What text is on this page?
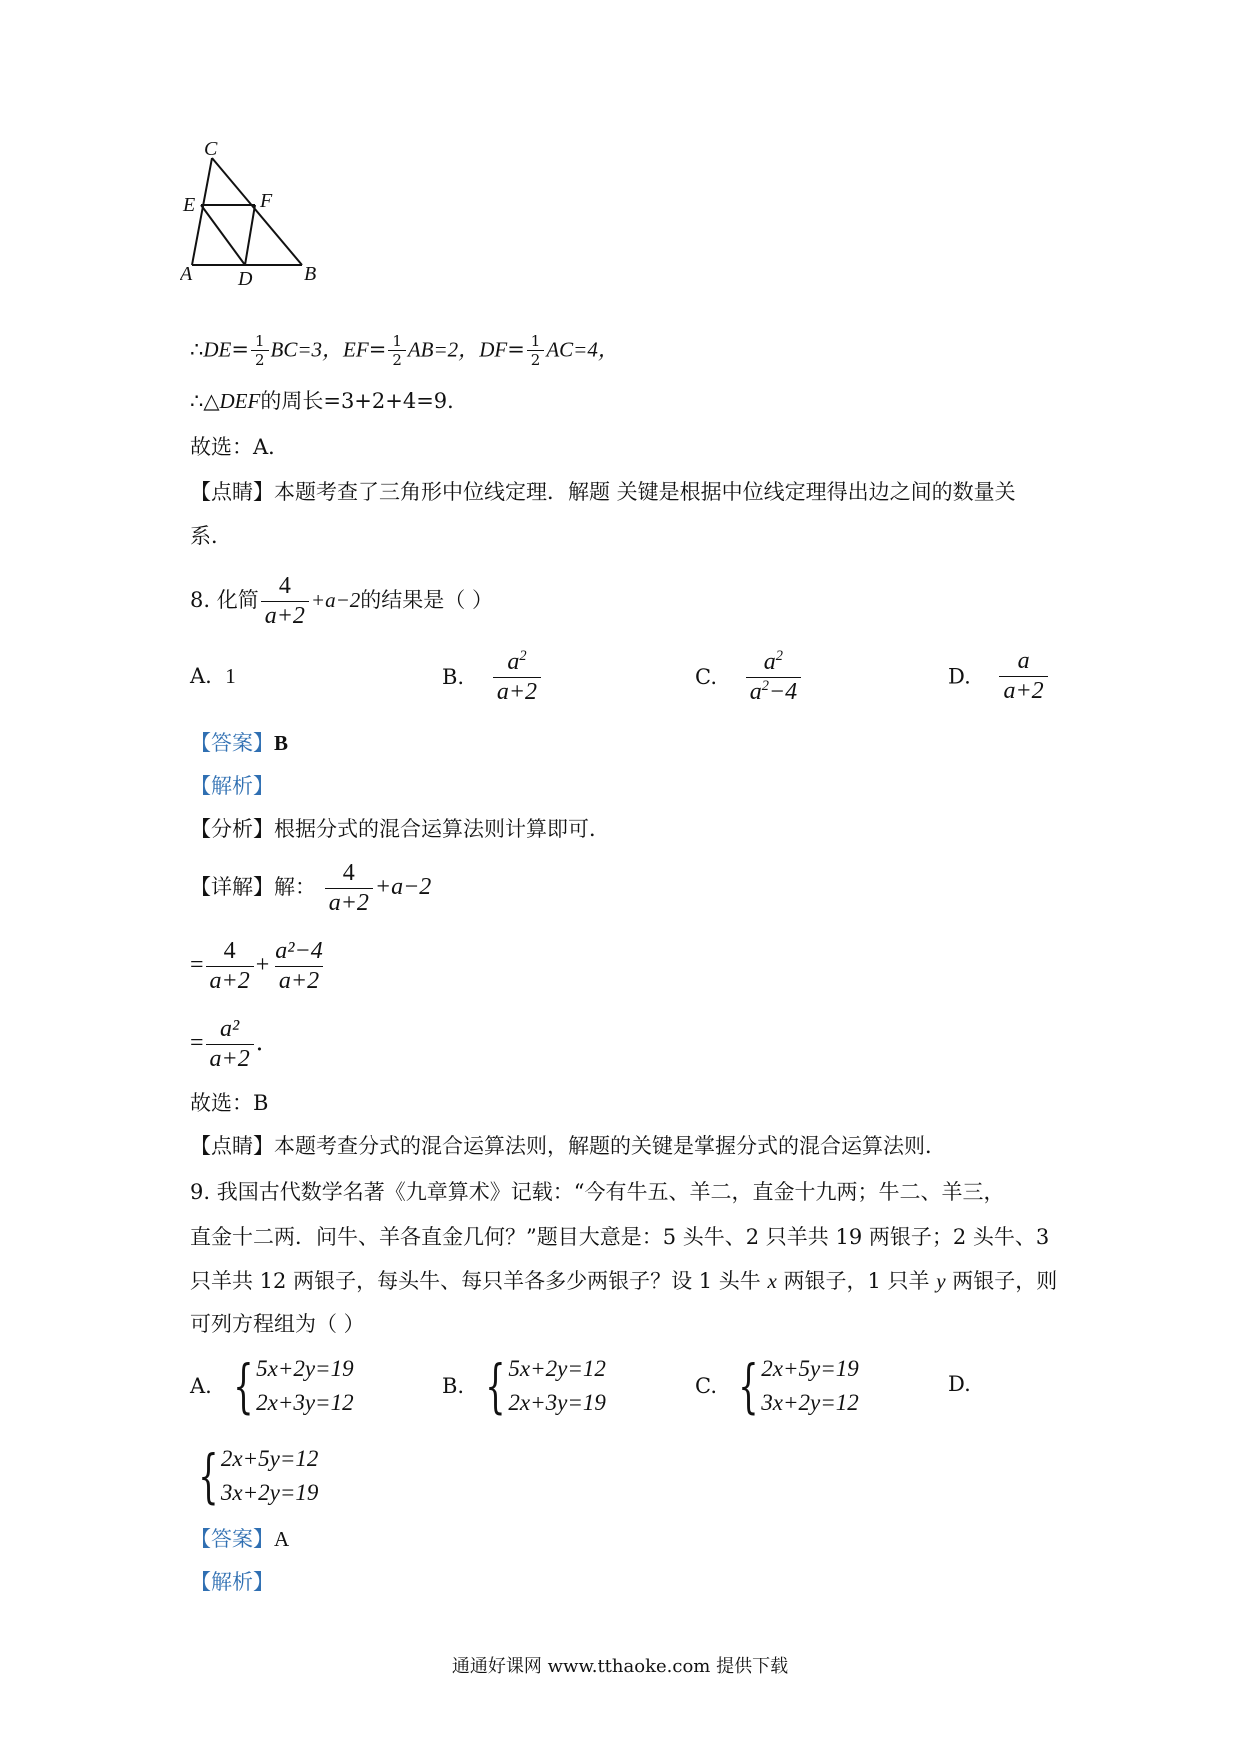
C
E	F
A D	B
∴DE= $\frac{1}{2} BC=3$，$EF= \frac{1}{2} AB=2$，$DF= \frac{1}{2} AC=4$，
∴△DEF的周长=3+2+4=9．
故选：A．
【点睛】本题考查了三角形中位线定理．解题 关键是根据中位线定理得出边之间的数量关
系．
8. 化简 $\frac{4}{a+2} +a-2$的结果是（ ）
A. 1	B. $\frac{a^2}{a+2}$	C. $\frac{a^2}{a^2-4}$	D. $\frac{a}{a+2}$
【答案】B
【解析】
【分析】根据分式的混合运算法则计算即可．
【详解】解： $\frac{4}{a+2} +a-2$
= $\frac{4}{a+2} + \frac{\text{a²−4}}{a+2}$
= $\frac{\text{a²}}{a+2}$ ．
故选：B
【点睛】本题考查分式的混合运算法则，解题的关键是掌握分式的混合运算法则．
9. 我国古代数学名著《九章算术》记载：“今有牛五、羊二，直金十九两；牛二、羊三，
直金十二两．问牛、羊各直金几何？”题目大意是：5 头牛、2 只羊共 19 两银子；2 头牛、3
只羊共 12 两银子，每头牛、每只羊各多少两银子？设 1 头牛 x 两银子，1 只羊 y 两银子，则
可列方程组为（ ）
A. { 5x+2y=19
2x+3y=12
B. { 5x+2y=12
2x+3y=19
C. { 2x+5y=19
3x+2y=12
D.
{ 2x+5y=12
3x+2y=19
【答案】A
【解析】
通通好课网 www.tthaoke.com 提供下载
